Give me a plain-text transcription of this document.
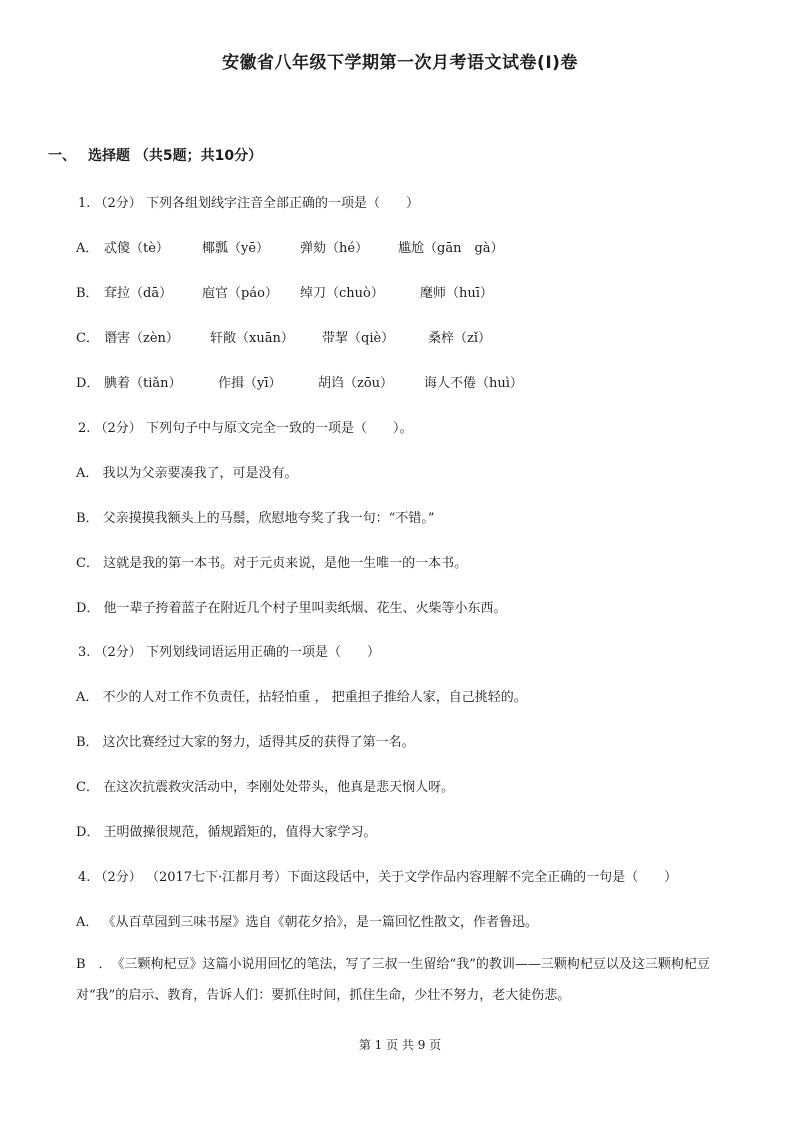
安徽省八年级下学期第一次月考语文试卷(I)卷
一、 选择题 （共5题；共10分）
1. （2分） 下列各组划线字注音全部正确的一项是（　　）
A． 忒傻（tè）	椰瓢（yē） 弹劾（hé） 尴尬（gān　gà）
B． 耷拉（dā） 庖官（páo） 绰刀（chuò）	麾师（huī）
C． 谮害（zèn） 轩敞（xuān） 带挈（qiè）	桑梓（zǐ）
D． 腆着（tiǎn）	作揖（yī）	胡诌（zōu） 诲人不倦（huì）
2. （2分） 下列句子中与原文完全一致的一项是（　　）。
A． 我以为父亲要凑我了，可是没有。
B． 父亲摸摸我额头上的马鬃，欣慰地夸奖了我一句：“不错。”
C． 这就是我的第一本书。对于元贞来说，是他一生唯一的一本书。
D． 他一辈子挎着蓝子在附近几个村子里叫卖纸烟、花生、火柴等小东西。
3. （2分） 下列划线词语运用正确的一项是（　　）
A． 不少的人对工作不负责任，拈轻怕重 ， 把重担子推给人家，自己挑轻的。
B． 这次比赛经过大家的努力，适得其反的获得了第一名。
C． 在这次抗震救灾活动中，李刚处处带头，他真是悲天悯人呀。
D． 王明做操很规范，循规蹈矩的，值得大家学习。
4. （2分） （2017七下·江都月考）下面这段话中，关于文学作品内容理解不完全正确的一句是（　　）
A． 《从百草园到三味书屋》选自《朝花夕拾》，是一篇回忆性散文，作者鲁迅。
B　．　《三颗枸杞豆》这篇小说用回忆的笔法，写了三叔一生留给“我”的教训——三颗枸杞豆以及这三颗枸杞豆对“我”的启示、教育，告诉人们：要抓住时间，抓住生命，少壮不努力，老大徒伤悲。
第 1 页 共 9 页
